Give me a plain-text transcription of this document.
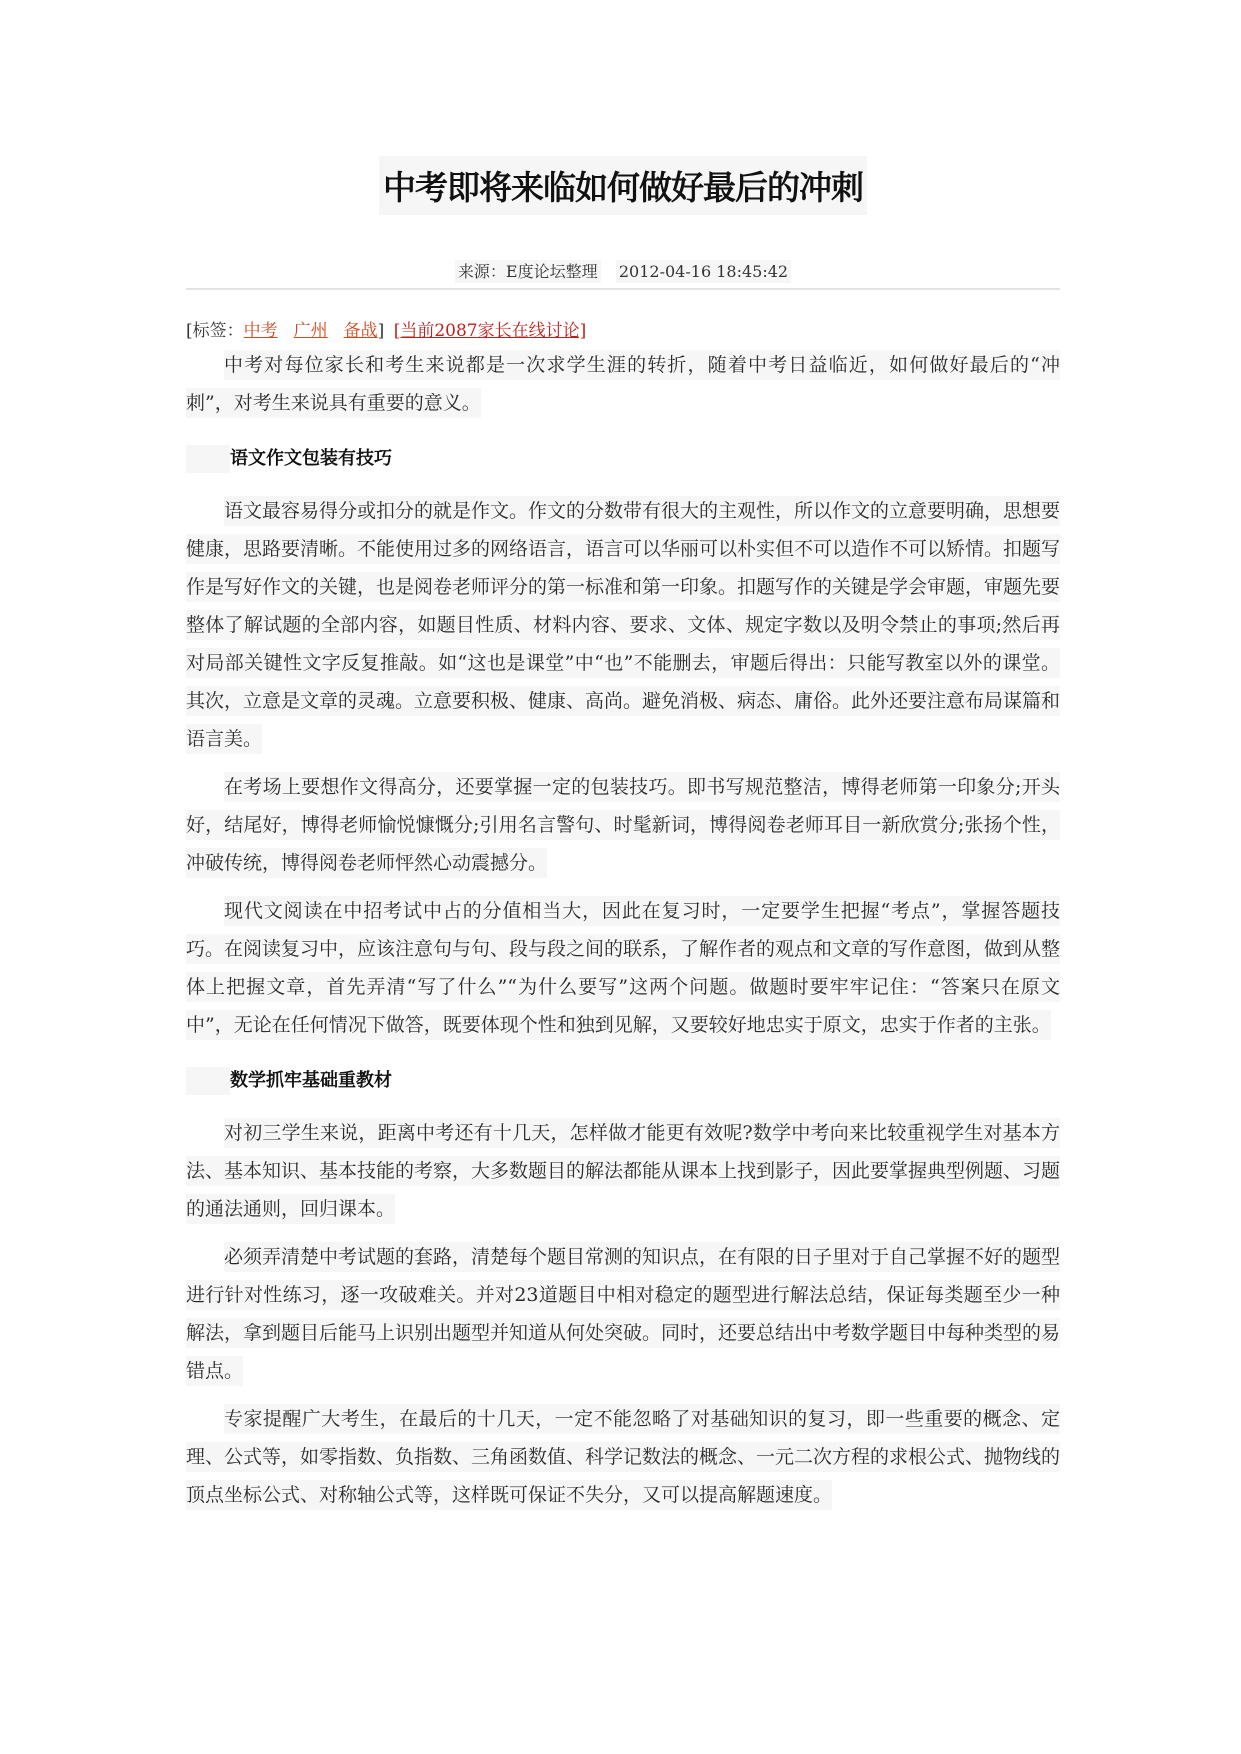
中考即将来临如何做好最后的冲刺
来源：E度论坛整理 2012-04-16 18:45:42
[标签：中考 广州 备战] [当前2087家长在线讨论]

中考对每位家长和考生来说都是一次求学生涯的转折，随着中考日益临近，如何做好最后的“冲刺”，对考生来说具有重要的意义。

语文作文包装有技巧

语文最容易得分或扣分的就是作文。作文的分数带有很大的主观性，所以作文的立意要明确，思想要健康，思路要清晰。不能使用过多的网络语言，语言可以华丽可以朴实但不可以造作不可以矫情。扣题写作是写好作文的关键，也是阅卷老师评分的第一标准和第一印象。扣题写作的关键是学会审题，审题先要整体了解试题的全部内容，如题目性质、材料内容、要求、文体、规定字数以及明令禁止的事项;然后再对局部关键性文字反复推敲。如“这也是课堂”中“也”不能删去，审题后得出：只能写教室以外的课堂。其次，立意是文章的灵魂。立意要积极、健康、高尚。避免消极、病态、庸俗。此外还要注意布局谋篇和语言美。

在考场上要想作文得高分，还要掌握一定的包装技巧。即书写规范整洁，博得老师第一印象分;开头好，结尾好，博得老师愉悦慷慨分;引用名言警句、时髦新词，博得阅卷老师耳目一新欣赏分;张扬个性，冲破传统，博得阅卷老师怦然心动震撼分。

现代文阅读在中招考试中占的分值相当大，因此在复习时，一定要学生把握“考点”，掌握答题技巧。在阅读复习中，应该注意句与句、段与段之间的联系，了解作者的观点和文章的写作意图，做到从整体上把握文章，首先弄清“写了什么”“为什么要写”这两个问题。做题时要牢牢记住：“答案只在原文中”，无论在任何情况下做答，既要体现个性和独到见解，又要较好地忠实于原文，忠实于作者的主张。

数学抓牢基础重教材

对初三学生来说，距离中考还有十几天，怎样做才能更有效呢?数学中考向来比较重视学生对基本方法、基本知识、基本技能的考察，大多数题目的解法都能从课本上找到影子，因此要掌握典型例题、习题的通法通则，回归课本。

必须弄清楚中考试题的套路，清楚每个题目常测的知识点，在有限的日子里对于自己掌握不好的题型进行针对性练习，逐一攻破难关。并对23道题目中相对稳定的题型进行解法总结，保证每类题至少一种解法，拿到题目后能马上识别出题型并知道从何处突破。同时，还要总结出中考数学题目中每种类型的易错点。

专家提醒广大考生，在最后的十几天，一定不能忽略了对基础知识的复习，即一些重要的概念、定理、公式等，如零指数、负指数、三角函数值、科学记数法的概念、一元二次方程的求根公式、抛物线的顶点坐标公式、对称轴公式等，这样既可保证不失分，又可以提高解题速度。
